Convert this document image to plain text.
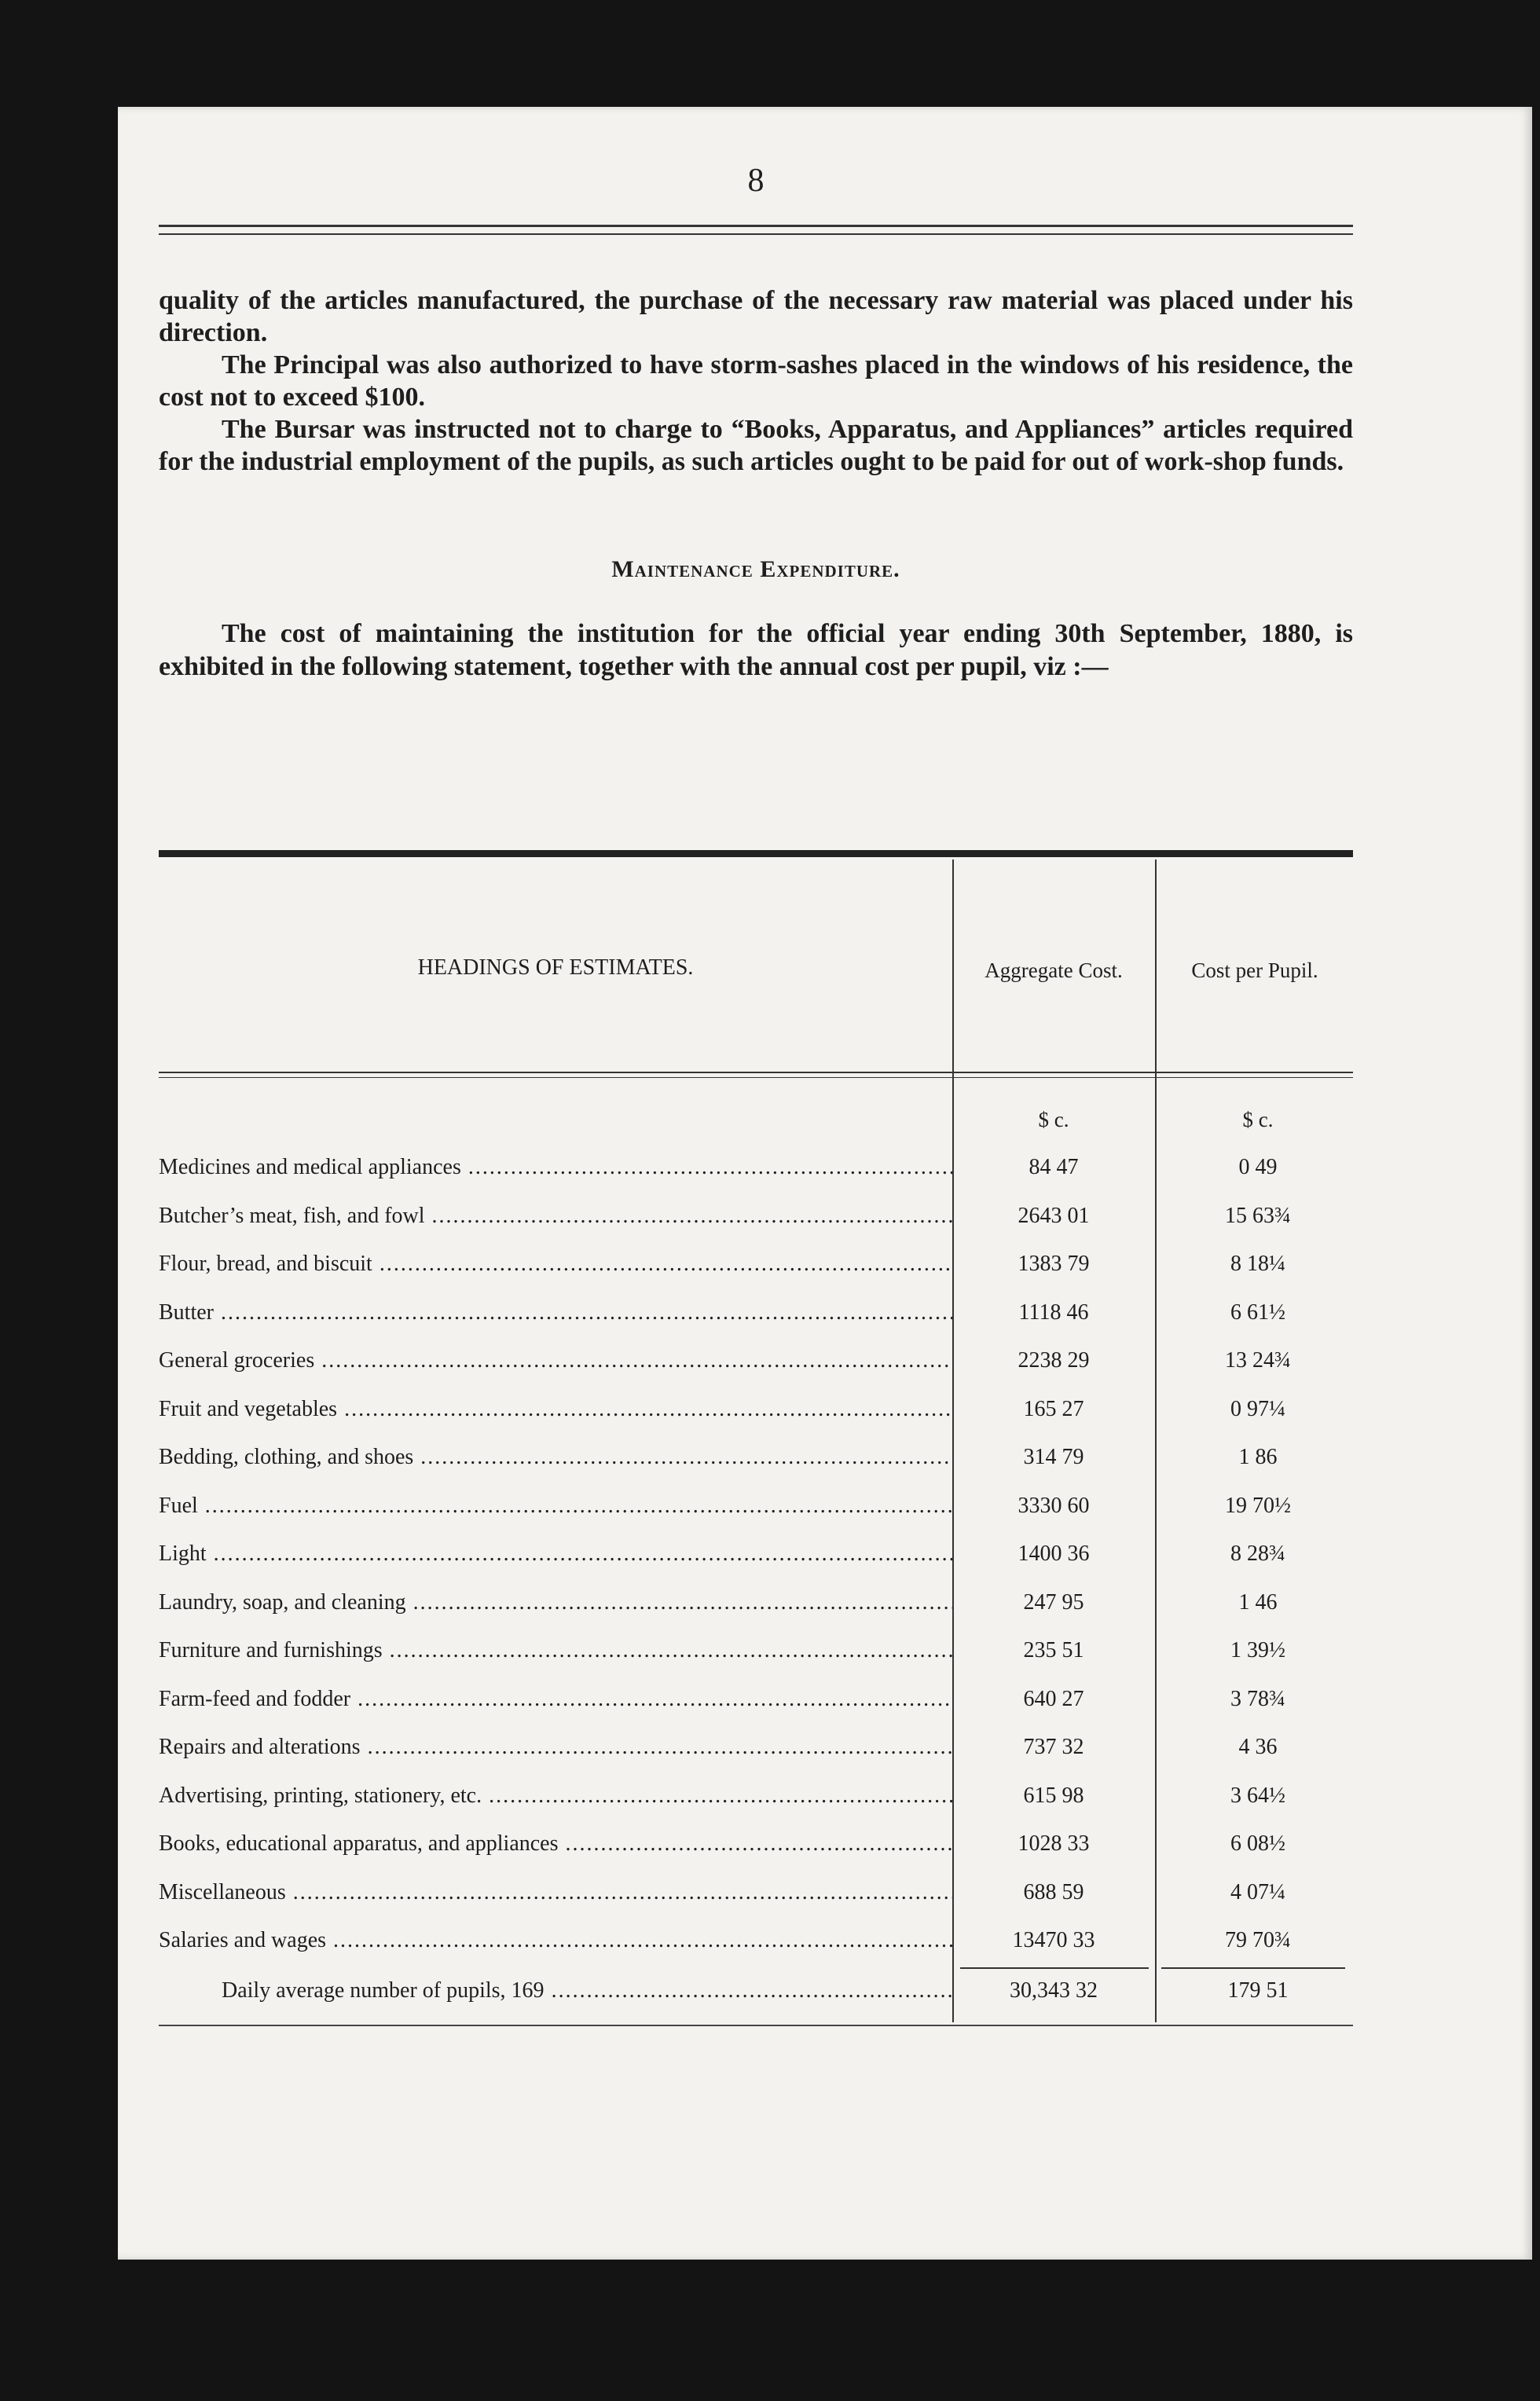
8
quality of the articles manufactured, the purchase of the necessary raw material was placed under his direction.
The Principal was also authorized to have storm-sashes placed in the windows of his residence, the cost not to exceed $100.
The Bursar was instructed not to charge to “Books, Apparatus, and Appliances” articles required for the industrial employment of the pupils, as such articles ought to be paid for out of work-shop funds.
Maintenance Expenditure.
The cost of maintaining the institution for the official year ending 30th September, 1880, is exhibited in the following statement, together with the annual cost per pupil, viz :—
HEADINGS OF ESTIMATES.	Aggregate Cost.	Cost per Pupil.
$ c.	$ c.
Medicines and medical appliances .....	84 47	0 49
Butcher’s meat, fish, and fowl .....	2643 01	15 63¾
Flour, bread, and biscuit .....	1383 79	8 18¼
Butter .....	1118 46	6 61½
General groceries .....	2238 29	13 24¾
Fruit and vegetables .....	165 27	0 97¼
Bedding, clothing, and shoes .....	314 79	1 86
Fuel .....	3330 60	19 70½
Light .....	1400 36	8 28¾
Laundry, soap, and cleaning .....	247 95	1 46
Furniture and furnishings .....	235 51	1 39½
Farm-feed and fodder .....	640 27	3 78¾
Repairs and alterations .....	737 32	4 36
Advertising, printing, stationery, etc. .....	615 98	3 64½
Books, educational apparatus, and appliances .....	1028 33	6 08½
Miscellaneous .....	688 59	4 07¼
Salaries and wages .....	13470 33	79 70¾
Daily average number of pupils, 169 .....	30,343 32	179 51
